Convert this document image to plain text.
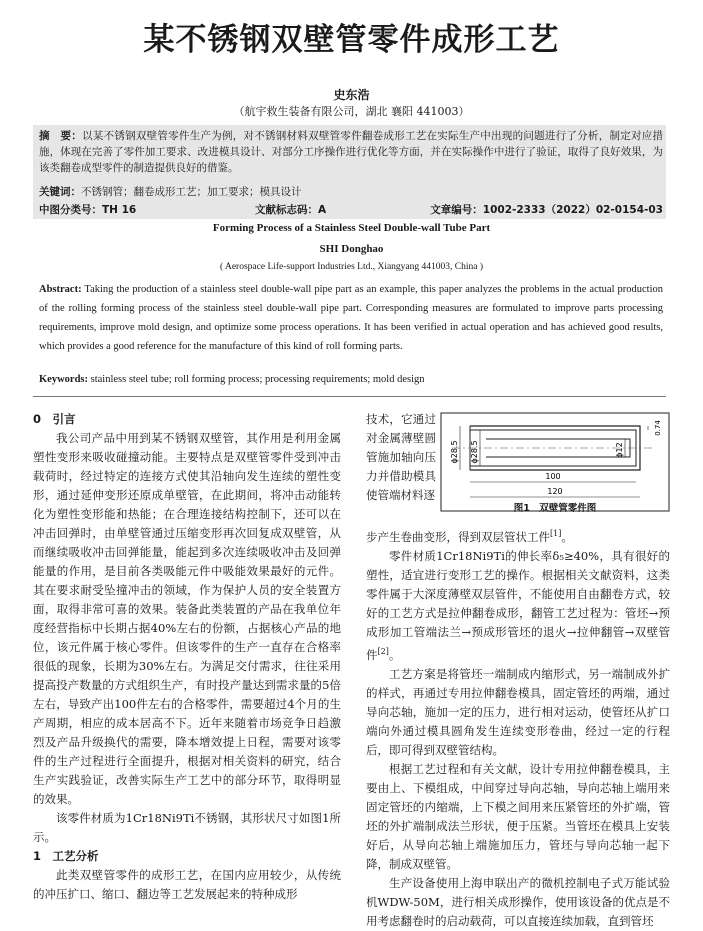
某不锈钢双壁管零件成形工艺
史东浩
（航宇救生装备有限公司，湖北 襄阳 441003）
摘　要：以某不锈钢双壁管零件生产为例，对不锈钢材料双壁管零件翻卷成形工艺在实际生产中出现的问题进行了分析，制定对应措施，体现在完善了零件加工要求、改进模具设计、对部分工序操作进行优化等方面，并在实际操作中进行了验证，取得了良好效果，为该类翻卷成型零件的制造提供良好的借鉴。
关键词：不锈钢管；翻卷成形工艺；加工要求；模具设计
中图分类号：TH 16	文献标志码：A	文章编号：1002-2333（2022）02-0154-03
Forming Process of a Stainless Steel Double-wall Tube Part
SHI Donghao
( Aerospace Life-support Industries Ltd., Xiangyang 441003, China )
Abstract: Taking the production of a stainless steel double-wall pipe part as an example, this paper analyzes the problems in the actual production of the rolling forming process of the stainless steel double-wall pipe part. Corresponding measures are formulated to improve parts processing requirements, improve mold design, and optimize some process operations. It has been verified in actual operation and has achieved good results, which provides a good reference for the manufacture of this kind of roll forming parts.
Keywords: stainless steel tube; roll forming process; processing requirements; mold design
0　引言

我公司产品中用到某不锈钢双壁管，其作用是利用金属塑性变形来吸收碰撞动能。主要特点是双壁管零件受到冲击载荷时，经过特定的连接方式使其沿轴向发生连续的塑性变形，通过延伸变形还原成单壁管，在此期间，将冲击动能转化为塑性变形能和热能；在合理连接结构控制下，还可以在冲击回弹时，由单壁管通过压缩变形再次回复成双壁管，从而继续吸收冲击回弹能量，能起到多次连续吸收冲击及回弹能量的作用，是目前各类吸能元件中吸能效果最好的元件。其在要求耐受坠撞冲击的领域，作为保护人员的安全装置方面，取得非常可喜的效果。装备此类装置的产品在我单位年度经营指标中长期占据40%左右的份额，占据核心产品的地位，该元件属于核心零件。但该零件的生产一直存在合格率很低的现象，长期为30%左右。为满足交付需求，往往采用提高投产数量的方式组织生产，有时投产量达到需求量的5倍左右，导致产出100件左右的合格零件，需要超过4个月的生产周期，相应的成本居高不下。近年来随着市场竞争日趋激烈及产品升级换代的需要，降本增效提上日程，需要对该零件的生产过程进行全面提升，根据对相关资料的研究，结合生产实践验证，改善实际生产工艺中的部分环节，取得明显的效果。

该零件材质为1Cr18Ni9Ti不锈钢，其形状尺寸如图1所示。

1　工艺分析

此类双壁管零件的成形工艺，在国内应用较少，从传统的冲压扩口、缩口、翻边等工艺发展起来的特种成形

技术，它通过对金属薄壁圆管施加轴向压力并借助模具使管端材料逐

ϕ28.5 ϕ28.5	ϕ12
0.74
100
120
图1　双壁管零件图

步产生卷曲变形，得到双层管状工件[1]。

零件材质1Cr18Ni9Ti的伸长率δ₅≥40%，具有很好的塑性，适宜进行变形工艺的操作。根据相关文献资料，这类零件属于大深度薄壁双层管件，不能使用自由翻卷方式，较好的工艺方式是拉伸翻卷成形，翻管工艺过程为：管坯→预成形加工管端法兰→预成形管坯的退火→拉伸翻管→双壁管件[2]。

工艺方案是将管坯一端制成内缩形式，另一端制成外扩的样式，再通过专用拉伸翻卷模具，固定管坯的两端，通过导向芯轴，施加一定的压力，进行相对运动，使管坯从扩口端向外通过模具圆角发生连续变形卷曲，经过一定的行程后，即可得到双壁管结构。

根据工艺过程和有关文献，设计专用拉伸翻卷模具，主要由上、下模组成，中间穿过导向芯轴，导向芯轴上端用来固定管坯的内缩端，上下模之间用来压紧管坯的外扩端，管坯的外扩端制成法兰形状，便于压紧。当管坯在模具上安装好后，从导向芯轴上端施加压力，管坯与导向芯轴一起下降，制成双壁管。

生产设备使用上海申联出产的微机控制电子式万能试验机WDW-50M，进行相关成形操作，使用该设备的优点是不用考虑翻卷时的启动载荷，可以直接连续加载，直到管坯
